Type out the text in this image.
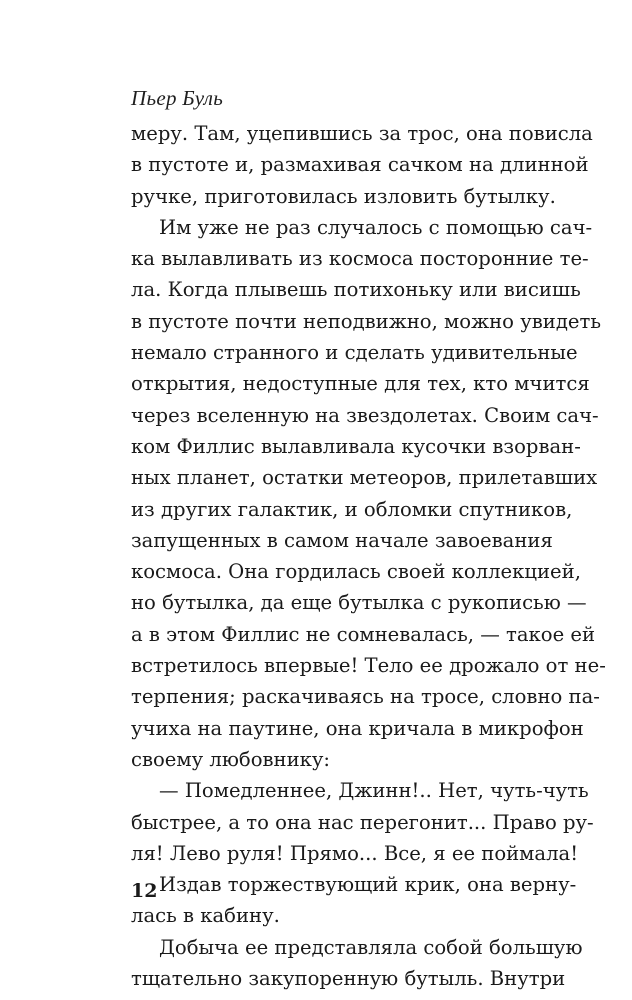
Пьер Буль
меру. Там, уцепившись за трос, она повисла
в пустоте и, размахивая сачком на длинной
ручке, приготовилась изловить бутылку.
Им уже не раз случалось с помощью сач-
ка вылавливать из космоса посторонние те-
ла. Когда плывешь потихоньку или висишь
в пустоте почти неподвижно, можно увидеть
немало странного и сделать удивительные
открытия, недоступные для тех, кто мчится
через вселенную на звездолетах. Своим сач-
ком Филлис вылавливала кусочки взорван-
ных планет, остатки метеоров, прилетавших
из других галактик, и обломки спутников,
запущенных в самом начале завоевания
космоса. Она гордилась своей коллекцией,
но бутылка, да еще бутылка с рукописью —
а в этом Филлис не сомневалась, — такое ей
встретилось впервые! Тело ее дрожало от не-
терпения; раскачиваясь на тросе, словно па-
учиха на паутине, она кричала в микрофон
своему любовнику:
— Помедленнее, Джинн!.. Нет, чуть-чуть
быстрее, а то она нас перегонит... Право ру-
ля! Лево руля! Прямо... Все, я ее поймала!
Издав торжествующий крик, она верну-
лась в кабину.
Добыча ее представляла собой большую
тщательно закупоренную бутыль. Внутри
12
